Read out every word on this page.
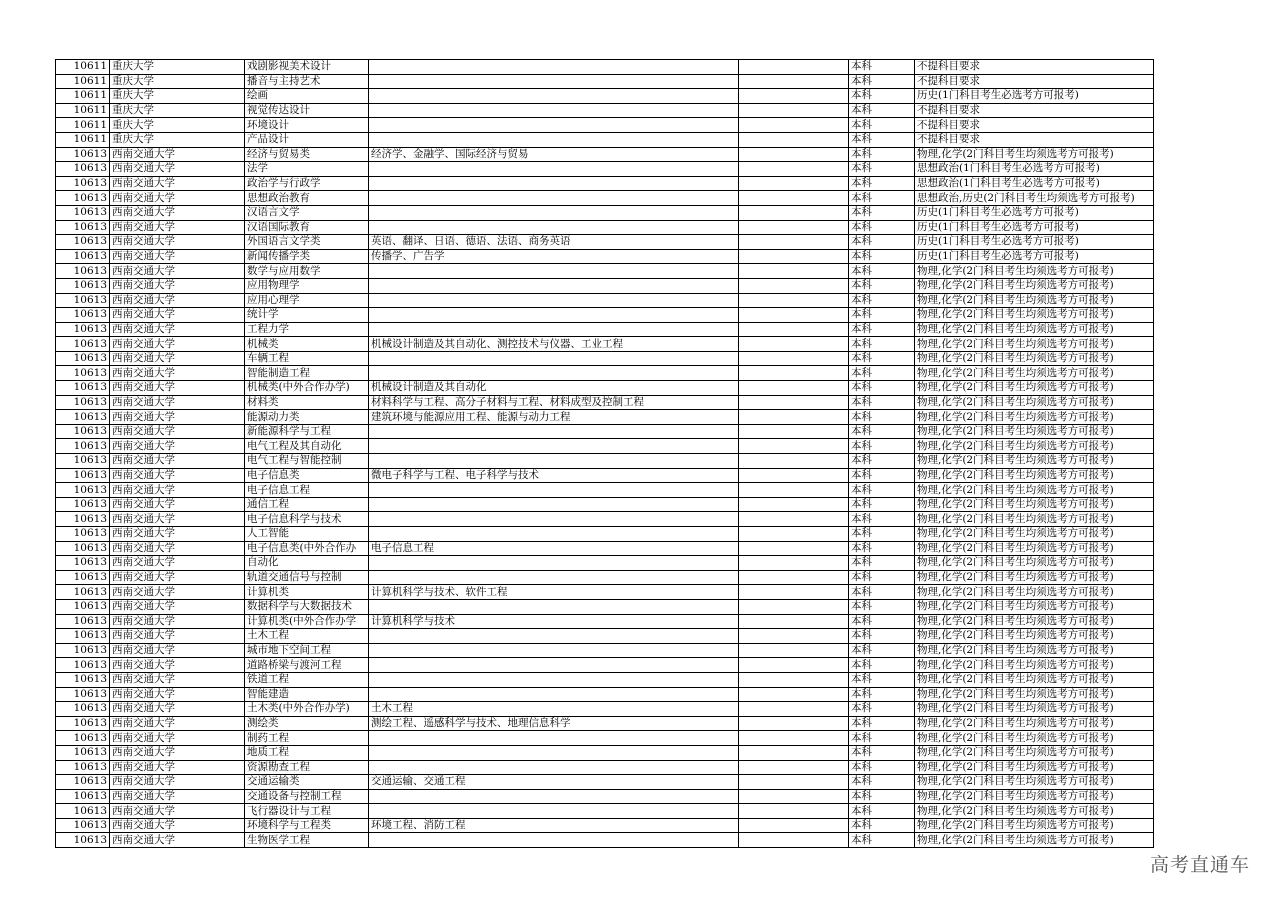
10611	重庆大学	戏剧影视美术设计			本科	不提科目要求
10611	重庆大学	播音与主持艺术			本科	不提科目要求
10611	重庆大学	绘画			本科	历史(1门科目考生必选考方可报考)
10611	重庆大学	视觉传达设计			本科	不提科目要求
10611	重庆大学	环境设计			本科	不提科目要求
10611	重庆大学	产品设计			本科	不提科目要求
10613	西南交通大学	经济与贸易类	经济学、金融学、国际经济与贸易		本科	物理,化学(2门科目考生均须选考方可报考)
10613	西南交通大学	法学			本科	思想政治(1门科目考生必选考方可报考)
10613	西南交通大学	政治学与行政学			本科	思想政治(1门科目考生必选考方可报考)
10613	西南交通大学	思想政治教育			本科	思想政治,历史(2门科目考生均须选考方可报考)
10613	西南交通大学	汉语言文学			本科	历史(1门科目考生必选考方可报考)
10613	西南交通大学	汉语国际教育			本科	历史(1门科目考生必选考方可报考)
10613	西南交通大学	外国语言文学类	英语、翻译、日语、德语、法语、商务英语		本科	历史(1门科目考生必选考方可报考)
10613	西南交通大学	新闻传播学类	传播学、广告学		本科	历史(1门科目考生必选考方可报考)
10613	西南交通大学	数学与应用数学			本科	物理,化学(2门科目考生均须选考方可报考)
10613	西南交通大学	应用物理学			本科	物理,化学(2门科目考生均须选考方可报考)
10613	西南交通大学	应用心理学			本科	物理,化学(2门科目考生均须选考方可报考)
10613	西南交通大学	统计学			本科	物理,化学(2门科目考生均须选考方可报考)
10613	西南交通大学	工程力学			本科	物理,化学(2门科目考生均须选考方可报考)
10613	西南交通大学	机械类	机械设计制造及其自动化、测控技术与仪器、工业工程		本科	物理,化学(2门科目考生均须选考方可报考)
10613	西南交通大学	车辆工程			本科	物理,化学(2门科目考生均须选考方可报考)
10613	西南交通大学	智能制造工程			本科	物理,化学(2门科目考生均须选考方可报考)
10613	西南交通大学	机械类(中外合作办学)	机械设计制造及其自动化		本科	物理,化学(2门科目考生均须选考方可报考)
10613	西南交通大学	材料类	材料科学与工程、高分子材料与工程、材料成型及控制工程		本科	物理,化学(2门科目考生均须选考方可报考)
10613	西南交通大学	能源动力类	建筑环境与能源应用工程、能源与动力工程		本科	物理,化学(2门科目考生均须选考方可报考)
10613	西南交通大学	新能源科学与工程			本科	物理,化学(2门科目考生均须选考方可报考)
10613	西南交通大学	电气工程及其自动化			本科	物理,化学(2门科目考生均须选考方可报考)
10613	西南交通大学	电气工程与智能控制			本科	物理,化学(2门科目考生均须选考方可报考)
10613	西南交通大学	电子信息类	微电子科学与工程、电子科学与技术		本科	物理,化学(2门科目考生均须选考方可报考)
10613	西南交通大学	电子信息工程			本科	物理,化学(2门科目考生均须选考方可报考)
10613	西南交通大学	通信工程			本科	物理,化学(2门科目考生均须选考方可报考)
10613	西南交通大学	电子信息科学与技术			本科	物理,化学(2门科目考生均须选考方可报考)
10613	西南交通大学	人工智能			本科	物理,化学(2门科目考生均须选考方可报考)
10613	西南交通大学	电子信息类(中外合作办	电子信息工程		本科	物理,化学(2门科目考生均须选考方可报考)
10613	西南交通大学	自动化			本科	物理,化学(2门科目考生均须选考方可报考)
10613	西南交通大学	轨道交通信号与控制			本科	物理,化学(2门科目考生均须选考方可报考)
10613	西南交通大学	计算机类	计算机科学与技术、软件工程		本科	物理,化学(2门科目考生均须选考方可报考)
10613	西南交通大学	数据科学与大数据技术			本科	物理,化学(2门科目考生均须选考方可报考)
10613	西南交通大学	计算机类(中外合作办学	计算机科学与技术		本科	物理,化学(2门科目考生均须选考方可报考)
10613	西南交通大学	土木工程			本科	物理,化学(2门科目考生均须选考方可报考)
10613	西南交通大学	城市地下空间工程			本科	物理,化学(2门科目考生均须选考方可报考)
10613	西南交通大学	道路桥梁与渡河工程			本科	物理,化学(2门科目考生均须选考方可报考)
10613	西南交通大学	铁道工程			本科	物理,化学(2门科目考生均须选考方可报考)
10613	西南交通大学	智能建造			本科	物理,化学(2门科目考生均须选考方可报考)
10613	西南交通大学	土木类(中外合作办学)	土木工程		本科	物理,化学(2门科目考生均须选考方可报考)
10613	西南交通大学	测绘类	测绘工程、遥感科学与技术、地理信息科学		本科	物理,化学(2门科目考生均须选考方可报考)
10613	西南交通大学	制药工程			本科	物理,化学(2门科目考生均须选考方可报考)
10613	西南交通大学	地质工程			本科	物理,化学(2门科目考生均须选考方可报考)
10613	西南交通大学	资源勘查工程			本科	物理,化学(2门科目考生均须选考方可报考)
10613	西南交通大学	交通运输类	交通运输、交通工程		本科	物理,化学(2门科目考生均须选考方可报考)
10613	西南交通大学	交通设备与控制工程			本科	物理,化学(2门科目考生均须选考方可报考)
10613	西南交通大学	飞行器设计与工程			本科	物理,化学(2门科目考生均须选考方可报考)
10613	西南交通大学	环境科学与工程类	环境工程、消防工程		本科	物理,化学(2门科目考生均须选考方可报考)
10613	西南交通大学	生物医学工程			本科	物理,化学(2门科目考生均须选考方可报考)
高考直通车
